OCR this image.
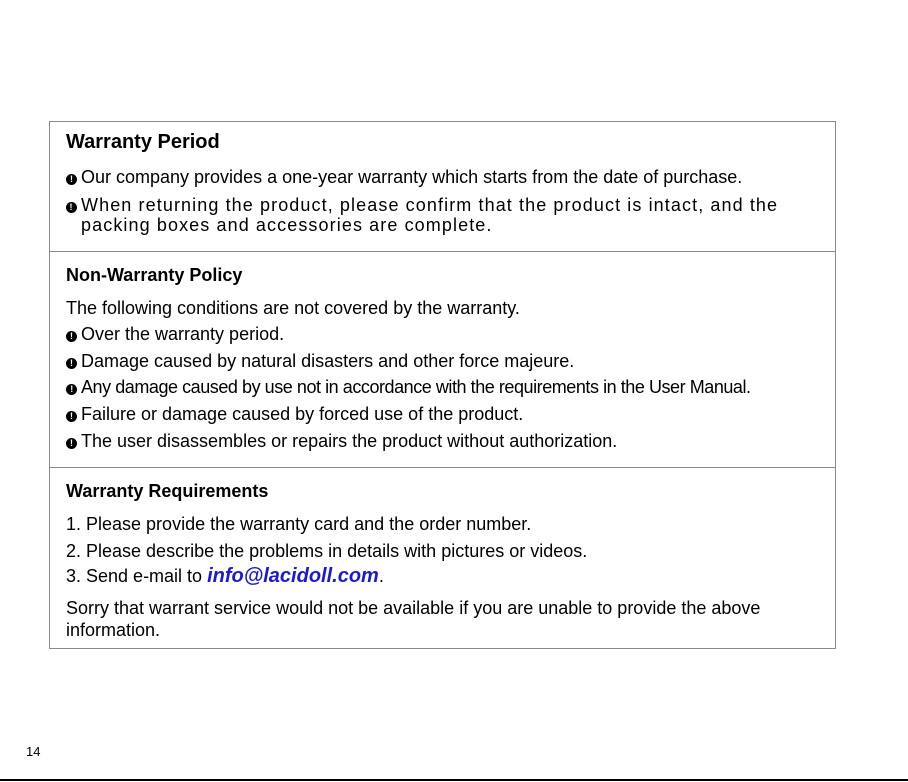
Warranty Period
! Our company provides a one-year warranty which starts from the date of purchase.
! When returning the product, please confirm that the product is intact, and the
packing boxes and accessories are complete.
Non-Warranty Policy
The following conditions are not covered by the warranty.
! Over the warranty period.
! Damage caused by natural disasters and other force majeure.
! Any damage caused by use not in accordance with the requirements in the User Manual.
! Failure or damage caused by forced use of the product.
! The user disassembles or repairs the product without authorization.
Warranty Requirements
1. Please provide the warranty card and the order number.
2. Please describe the problems in details with pictures or videos.
3. Send e-mail to info@lacidoll.com.
Sorry that warrant service would not be available if you are unable to provide the above information.
14
